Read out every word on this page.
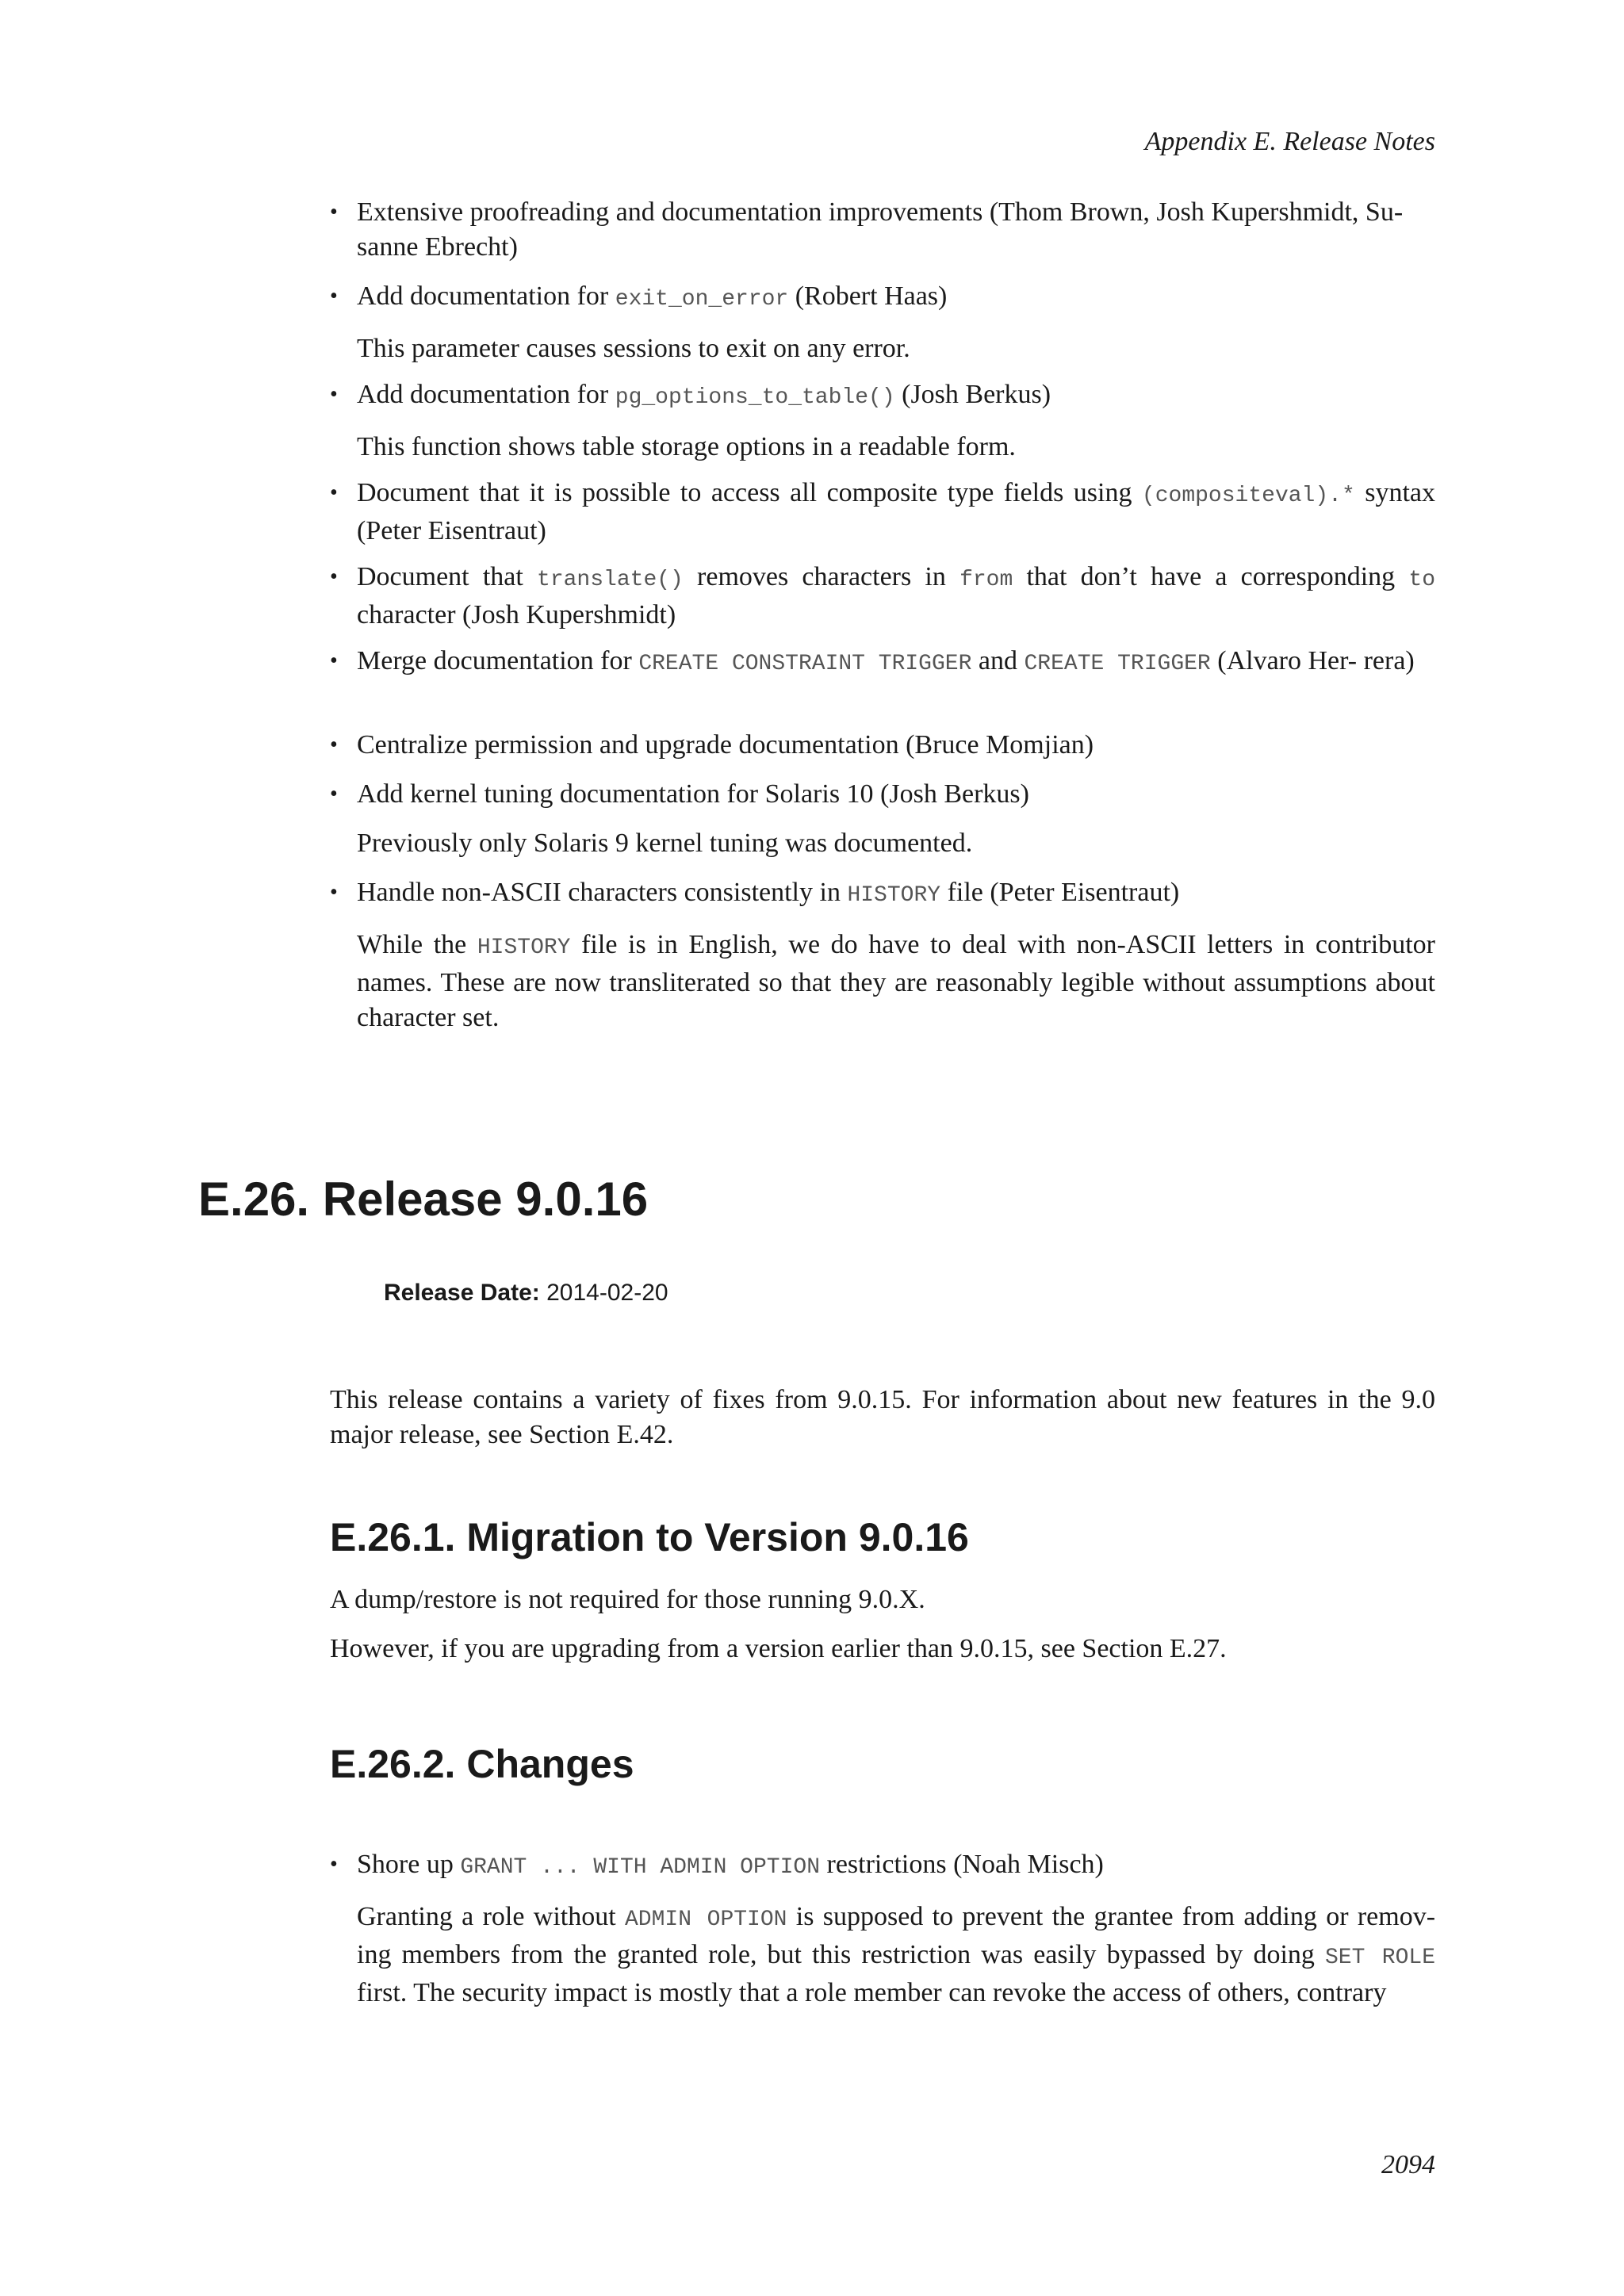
Appendix E. Release Notes
• Extensive proofreading and documentation improvements (Thom Brown, Josh Kupershmidt, Su-
sanne Ebrecht)
• Add documentation for exit_on_error (Robert Haas)
This parameter causes sessions to exit on any error.
• Add documentation for pg_options_to_table() (Josh Berkus)
This function shows table storage options in a readable form.
• Document that it is possible to access all composite type fields using (compositeval).* syntax (Peter Eisentraut)
• Document that translate() removes characters in from that don’t have a corresponding to character (Josh Kupershmidt)
• Merge documentation for CREATE CONSTRAINT TRIGGER and CREATE TRIGGER (Alvaro Her- rera)
• Centralize permission and upgrade documentation (Bruce Momjian)
• Add kernel tuning documentation for Solaris 10 (Josh Berkus)
Previously only Solaris 9 kernel tuning was documented.
• Handle non-ASCII characters consistently in HISTORY file (Peter Eisentraut)
While the HISTORY file is in English, we do have to deal with non-ASCII letters in contributor names. These are now transliterated so that they are reasonably legible without assumptions about character set.
E.26. Release 9.0.16
Release Date: 2014-02-20

This release contains a variety of fixes from 9.0.15. For information about new features in the 9.0 major release, see Section E.42.

E.26.1. Migration to Version 9.0.16

A dump/restore is not required for those running 9.0.X.

However, if you are upgrading from a version earlier than 9.0.15, see Section E.27.

E.26.2. Changes
• Shore up GRANT ... WITH ADMIN OPTION restrictions (Noah Misch)
Granting a role without ADMIN OPTION is supposed to prevent the grantee from adding or remov- ing members from the granted role, but this restriction was easily bypassed by doing SET ROLE first. The security impact is mostly that a role member can revoke the access of others, contrary
2094
